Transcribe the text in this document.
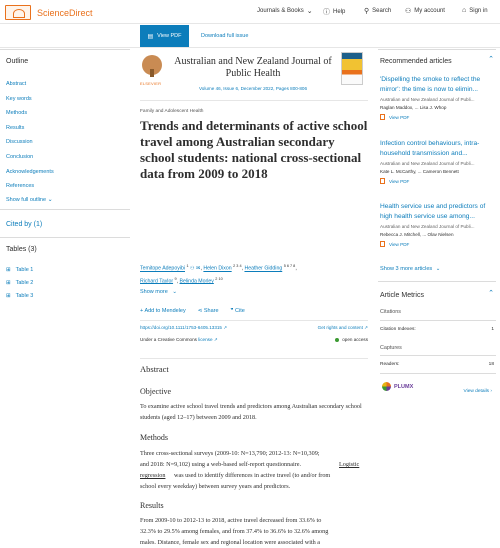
ScienceDirect	Journals & Books ⌄ ⓘ Help	⚲ Search ⚇ My account ⌂ Sign in
▤ View PDF	Download full issue
Outline
Abstract
Key words
Methods
Results
Discussion
Conclusion
Acknowledgements
References
Show full outline ⌄
Cited by (1)
Tables (3)
⊞ Table 1
⊞ Table 2
⊞ Table 3
ELSEVIER
Australian and New Zealand Journal of Public Health
Volume 46, Issue 6, December 2022, Pages 800-806
Family and Adolescent Health
Trends and determinants of active school travel among Australian secondary school students: national cross-sectional data from 2009 to 2018
Temitope Adepoyibi $^1$ ⚇ ✉, Helen Dixon $^{2 3 4}$, Heather Gidding $^{5 6 7 8}$,
Richard Taylor $^9$, Belinda Morley $^{2 10}$
Show more ⌄
+ Add to Mendeley ⋖ Share ❞ Cite
https://doi.org/10.1111/1753-6405.13315 ↗	Get rights and content ↗
Under a Creative Commons license ↗	open access
Abstract
Objective

To examine active school travel trends and predictors among Australian secondary school students (aged 12–17) between 2009 and 2018.

Methods

Three cross-sectional surveys (2009-10: N=13,790; 2012-13: N=10,309;

and 2018: N=9,102) using a web-based self-report questionnaire.	Logistic

regression was used to identify differences in active travel (to and/or from

school every weekday) between survey years and predictors.

Results

From 2009-10 to 2012-13 to 2018, active travel decreased from 33.6% to

32.3% to 29.5% among females, and from 37.4% to 36.6% to 32.6% among

males. Distance, female sex and regional location were associated with a

Recommended articles	⌃
'Dispelling the smoke to reflect the
mirror': the time is now to elimin...
Australian and New Zealand Journal of Publi...
Raglan Maddox, ... Lisa J. Whop
View PDF
Infection control behaviours, intra-
household transmission and...
Australian and New Zealand Journal of Publi...
Kate L. McCarthy, ... Cameron Bennett
View PDF
Health service use and predictors of
high health service use among...
Australian and New Zealand Journal of Publi...
Rebecca J. Mitchell, ... Olav Nielsen
View PDF
Show 3 more articles ⌄
Article Metrics	⌃
Citations
Citation Indexes:	1
Captures
Readers:	18
PLUMX
View details ›
